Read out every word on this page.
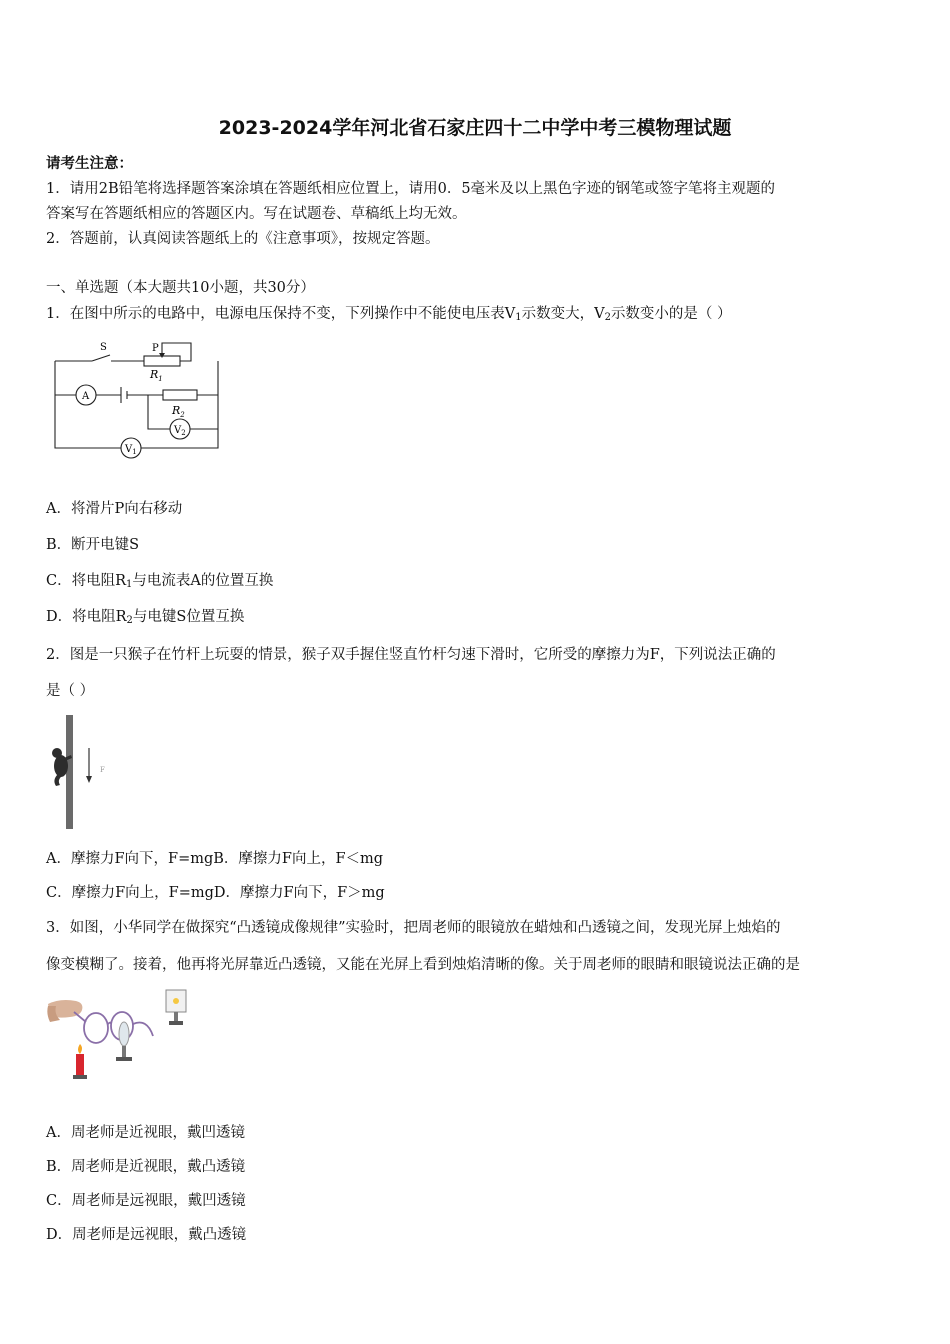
2023-2024学年河北省石家庄四十二中学中考三模物理试题
请考生注意：
1．请用2B铅笔将选择题答案涂填在答题纸相应位置上，请用0．5毫米及以上黑色字迹的钢笔或签字笔将主观题的
答案写在答题纸相应的答题区内。写在试题卷、草稿纸上均无效。
2．答题前，认真阅读答题纸上的《注意事项》，按规定答题。
一、单选题（本大题共10小题，共30分）
1．在图中所示的电路中，电源电压保持不变，下列操作中不能使电压表$V_1$示数变大，$V_2$示数变小的是（ ）
S	P
$R_1$
$R_2$
A
$V_2$
$V_1$
A．将滑片P向右移动
B．断开电键S
C．将电阻$R_1$与电流表A的位置互换
D．将电阻$R_2$与电键S位置互换
2．图是一只猴子在竹杆上玩耍的情景，猴子双手握住竖直竹杆匀速下滑时，它所受的摩擦力为F，下列说法正确的
是（ ）
F
A．摩擦力F向下，F=mgB．摩擦力F向上，F＜mg
C．摩擦力F向上，F=mgD．摩擦力F向下，F＞mg
3．如图，小华同学在做探究“凸透镜成像规律”实验时，把周老师的眼镜放在蜡烛和凸透镜之间，发现光屏上烛焰的
像变模糊了。接着，他再将光屏靠近凸透镜，又能在光屏上看到烛焰清晰的像。关于周老师的眼睛和眼镜说法正确的是
A．周老师是近视眼，戴凹透镜
B．周老师是近视眼，戴凸透镜
C．周老师是远视眼，戴凹透镜
D．周老师是远视眼，戴凸透镜
